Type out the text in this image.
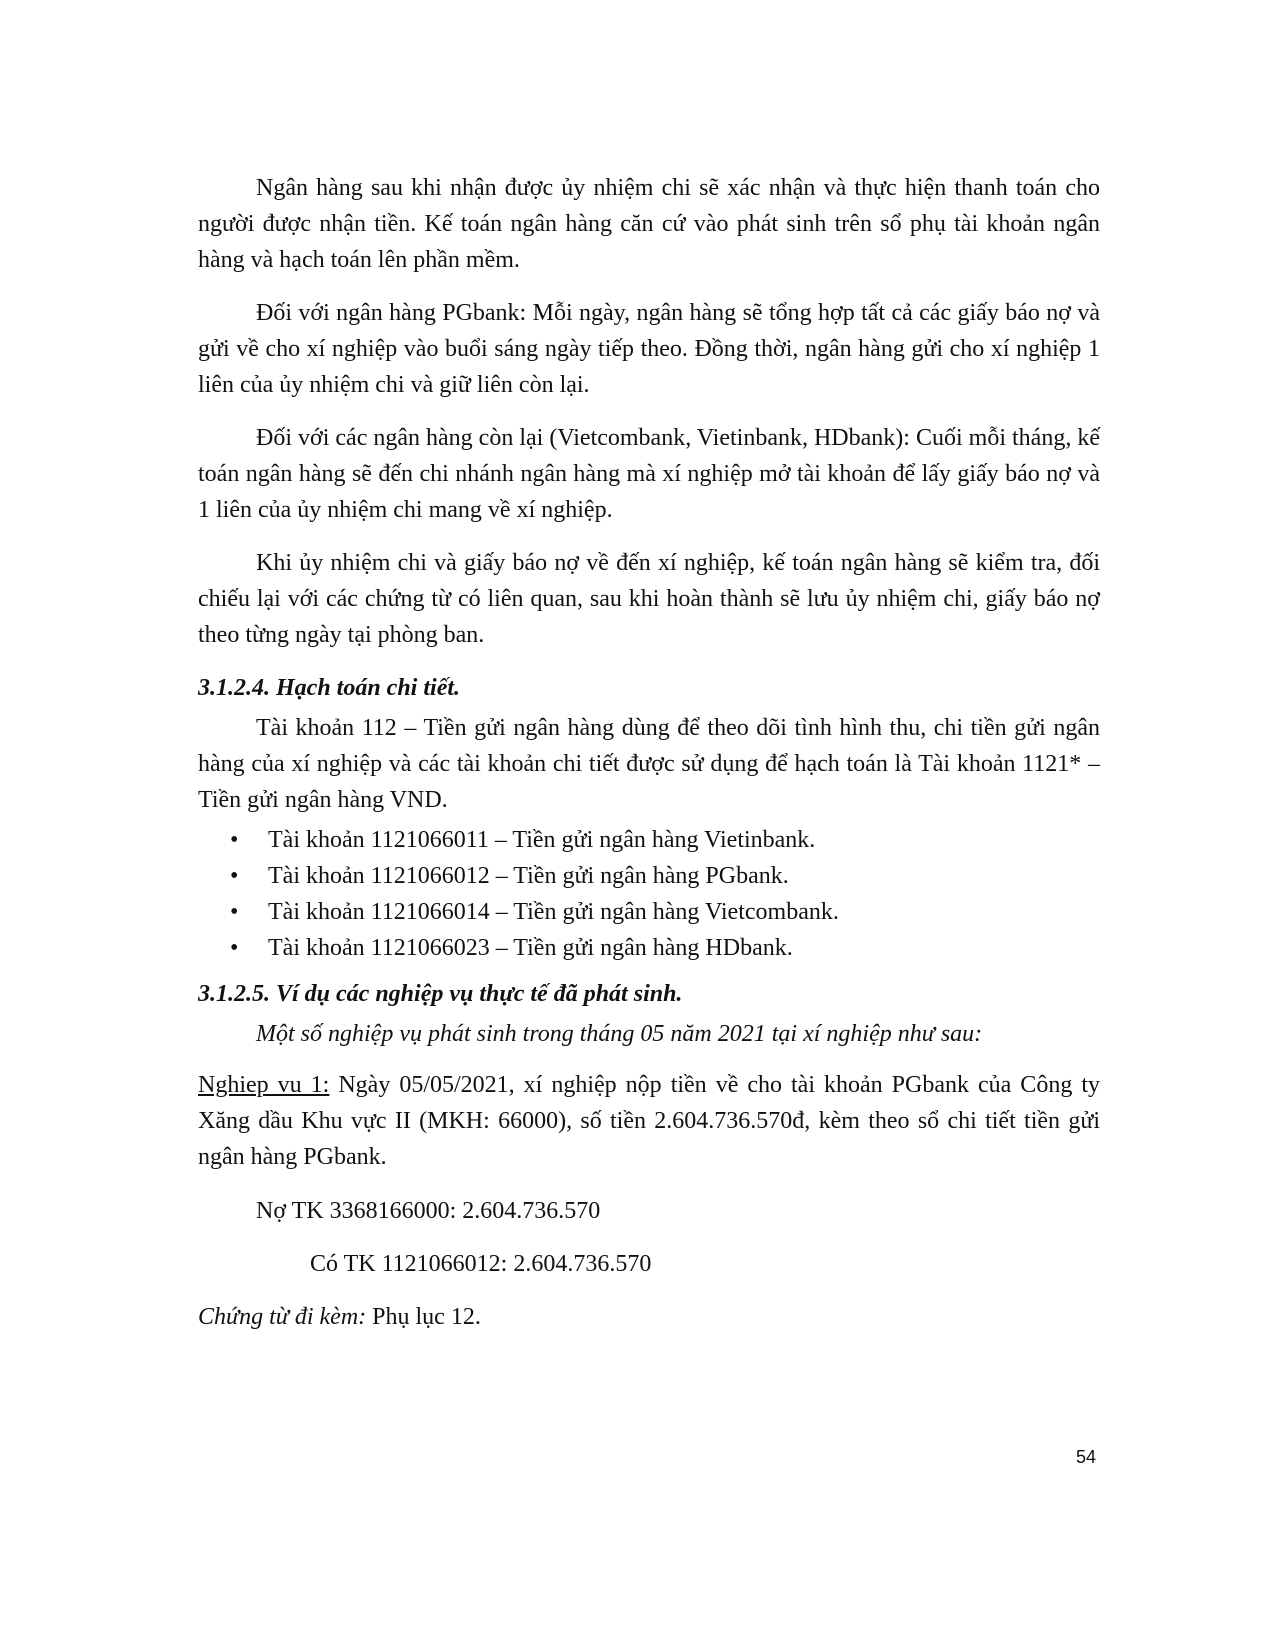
Ngân hàng sau khi nhận được ủy nhiệm chi sẽ xác nhận và thực hiện thanh toán cho người được nhận tiền. Kế toán ngân hàng căn cứ vào phát sinh trên sổ phụ tài khoản ngân hàng và hạch toán lên phần mềm.

Đối với ngân hàng PGbank: Mỗi ngày, ngân hàng sẽ tổng hợp tất cả các giấy báo nợ và gửi về cho xí nghiệp vào buổi sáng ngày tiếp theo. Đồng thời, ngân hàng gửi cho xí nghiệp 1 liên của ủy nhiệm chi và giữ liên còn lại.

Đối với các ngân hàng còn lại (Vietcombank, Vietinbank, HDbank): Cuối mỗi tháng, kế toán ngân hàng sẽ đến chi nhánh ngân hàng mà xí nghiệp mở tài khoản để lấy giấy báo nợ và 1 liên của ủy nhiệm chi mang về xí nghiệp.

Khi ủy nhiệm chi và giấy báo nợ về đến xí nghiệp, kế toán ngân hàng sẽ kiểm tra, đối chiếu lại với các chứng từ có liên quan, sau khi hoàn thành sẽ lưu ủy nhiệm chi, giấy báo nợ theo từng ngày tại phòng ban.

3.1.2.4. Hạch toán chi tiết.

Tài khoản 112 – Tiền gửi ngân hàng dùng để theo dõi tình hình thu, chi tiền gửi ngân hàng của xí nghiệp và các tài khoản chi tiết được sử dụng để hạch toán là Tài khoản 1121* – Tiền gửi ngân hàng VND.

• Tài khoản 1121066011 – Tiền gửi ngân hàng Vietinbank.
• Tài khoản 1121066012 – Tiền gửi ngân hàng PGbank.
• Tài khoản 1121066014 – Tiền gửi ngân hàng Vietcombank.
• Tài khoản 1121066023 – Tiền gửi ngân hàng HDbank.

3.1.2.5. Ví dụ các nghiệp vụ thực tế đã phát sinh.

Một số nghiệp vụ phát sinh trong tháng 05 năm 2021 tại xí nghiệp như sau:

Nghiep vu 1: Ngày 05/05/2021, xí nghiệp nộp tiền về cho tài khoản PGbank của Công ty Xăng dầu Khu vực II (MKH: 66000), số tiền 2.604.736.570đ, kèm theo sổ chi tiết tiền gửi ngân hàng PGbank.

Nợ TK 3368166000: 2.604.736.570

Có TK 1121066012: 2.604.736.570

Chứng từ đi kèm: Phụ lục 12.

54
